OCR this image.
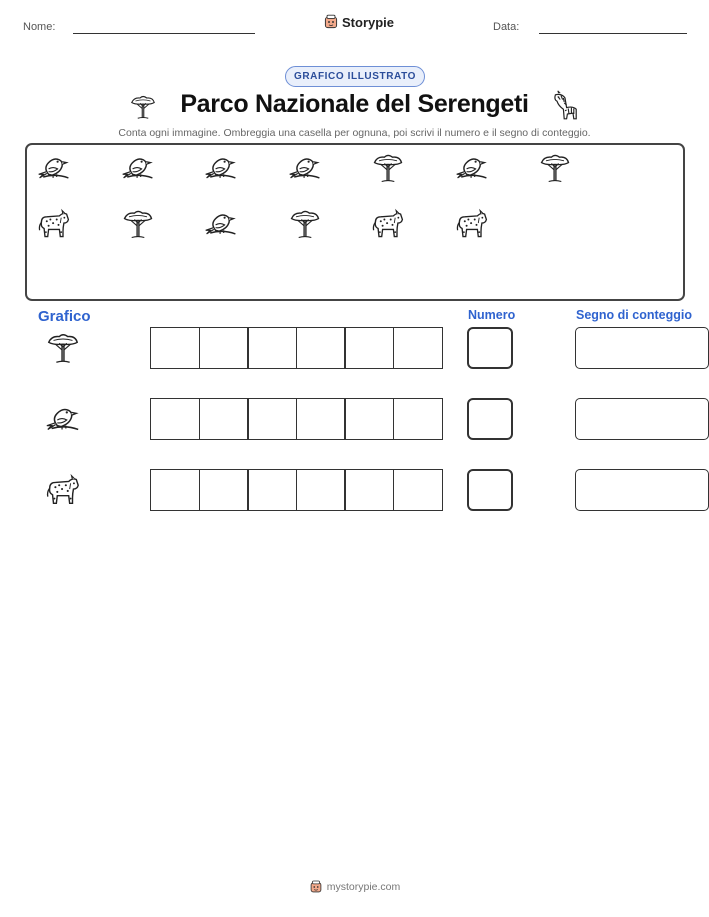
Nome:	Storypie	Data:
GRAFICO ILLUSTRATO
Parco Nazionale del Serengeti
Conta ogni immagine. Ombreggia una casella per ognuna, poi scrivi il numero e il segno di conteggio.
Grafico	Numero	Segno di conteggio
mystorypie.com
